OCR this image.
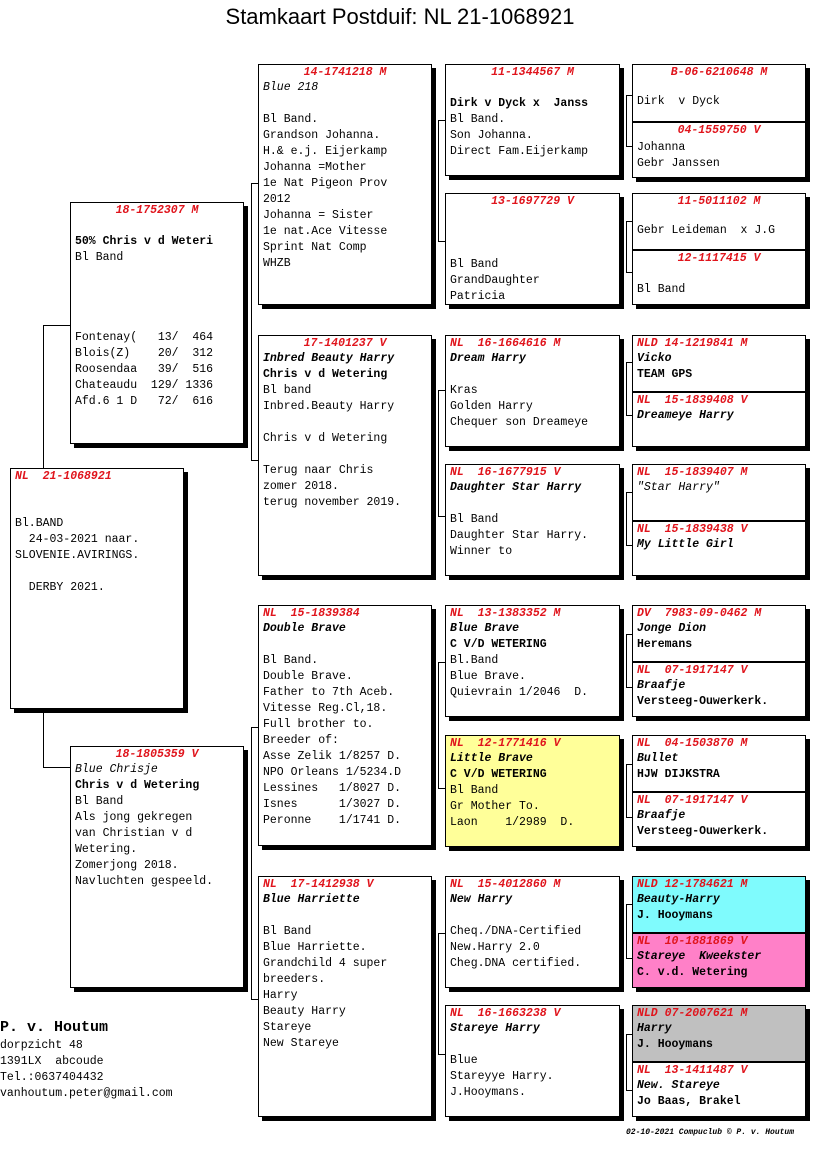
Stamkaart Postduif: NL 21-1068921
NL  21-1068921
Bl.BAND
24-03-2021 naar.
SLOVENIE.AVIRINGS.
DERBY 2021.
18-1752307 M
50% Chris v d Weteri
Bl Band
Fontenay(   13/  464
Blois(Z)    20/  312
Roosendaa   39/  516
Chateaudu  129/ 1336
Afd.6 1 D   72/  616
18-1805359 V
Blue Chrisje
Chris v d Wetering
Bl Band
Als jong gekregen
van Christian v d
Wetering.
Zomerjong 2018.
Navluchten gespeeld.
14-1741218 M
Blue 218
Bl Band.
Grandson Johanna.
H.& e.j. Eijerkamp
Johanna =Mother
1e Nat Pigeon Prov
2012
Johanna = Sister
1e nat.Ace Vitesse
Sprint Nat Comp
WHZB
17-1401237 V
Inbred Beauty Harry
Chris v d Wetering
Bl band
Inbred.Beauty Harry
Chris v d Wetering
Terug naar Chris
zomer 2018.
terug november 2019.
NL  15-1839384
Double Brave
Bl Band.
Double Brave.
Father to 7th Aceb.
Vitesse Reg.Cl,18.
Full brother to.
Breeder of:
Asse Zelik 1/8257 D.
NPO Orleans 1/5234.D
Lessines   1/8027 D.
Isnes      1/3027 D.
Peronne    1/1741 D.
NL  17-1412938 V
Blue Harriette
Bl Band
Blue Harriette.
Grandchild 4 super
breeders.
Harry
Beauty Harry
Stareye
New Stareye
11-1344567 M
Dirk v Dyck x  Janss
Bl Band.
Son Johanna.
Direct Fam.Eijerkamp
13-1697729 V
Bl Band
GrandDaughter
Patricia
NL  16-1664616 M
Dream Harry
Kras
Golden Harry
Chequer son Dreameye
NL  16-1677915 V
Daughter Star Harry
Bl Band
Daughter Star Harry.
Winner to
NL  13-1383352 M
Blue Brave
C V/D WETERING
Bl.Band
Blue Brave.
Quievrain 1/2046  D.
NL  12-1771416 V
Little Brave
C V/D WETERING
Bl Band
Gr Mother To.
Laon    1/2989  D.
NL  15-4012860 M
New Harry
Cheq./DNA-Certified
New.Harry 2.0
Cheg.DNA certified.
NL  16-1663238 V
Stareye Harry
Blue
Stareyye Harry.
J.Hooymans.
B-06-6210648 M
Dirk  v Dyck
04-1559750 V
Johanna
Gebr Janssen
11-5011102 M
Gebr Leideman  x J.G
12-1117415 V
Bl Band
NLD 14-1219841 M
Vicko
TEAM GPS
NL  15-1839408 V
Dreameye Harry
NL  15-1839407 M
"Star Harry"
NL  15-1839438 V
My Little Girl
DV  7983-09-0462 M
Jonge Dion
Heremans
NL  07-1917147 V
Braafje
Versteeg-Ouwerkerk.
NL  04-1503870 M
Bullet
HJW DIJKSTRA
NL  07-1917147 V
Braafje
Versteeg-Ouwerkerk.
NLD 12-1784621 M
Beauty-Harry
J. Hooymans
NL  10-1881869 V
Stareye  Kweekster
C. v.d. Wetering
NLD 07-2007621 M
Harry
J. Hooymans
NL  13-1411487 V
New. Stareye
Jo Baas, Brakel
P. v. Houtum
dorpzicht 48
1391LX  abcoude
Tel.:0637404432
vanhoutum.peter@gmail.com
02-10-2021 Compuclub © P. v. Houtum
